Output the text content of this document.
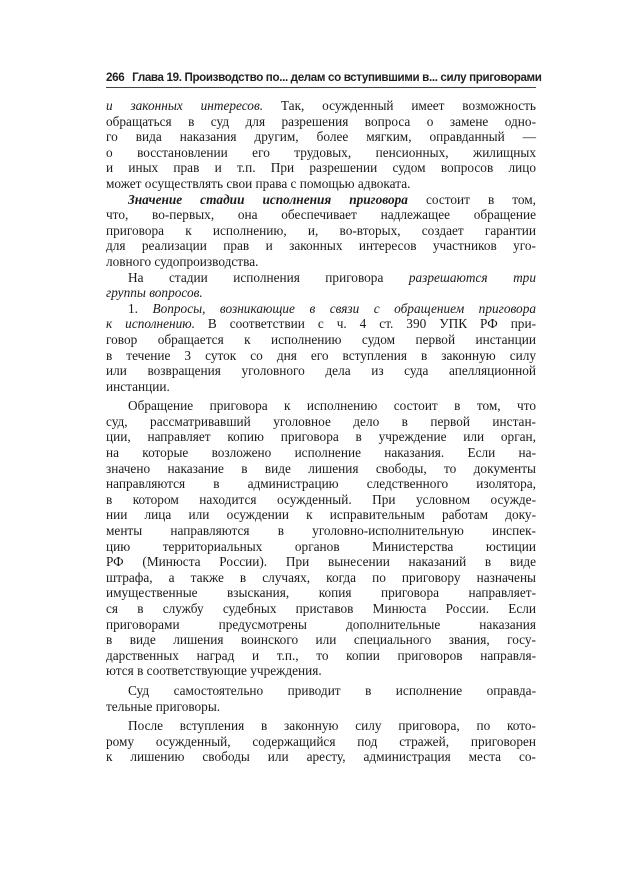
266 Глава 19. Производство по... делам со вступившими в... силу приговорами
и законных интересов. Так, осужденный имеет возможность
обращаться в суд для разрешения вопроса о замене одно-
го вида наказания другим, более мягким, оправданный —
о восстановлении его трудовых, пенсионных, жилищных
и иных прав и т.п. При разрешении судом вопросов лицо
может осуществлять свои права с помощью адвоката.
Значение стадии исполнения приговора состоит в том,
что, во-первых, она обеспечивает надлежащее обращение
приговора к исполнению, и, во-вторых, создает гарантии
для реализации прав и законных интересов участников уго-
ловного судопроизводства.
На стадии исполнения приговора разрешаются три
группы вопросов.
1. Вопросы, возникающие в связи с обращением приговора
к исполнению. В соответствии с ч. 4 ст. 390 УПК РФ при-
говор обращается к исполнению судом первой инстанции
в течение 3 суток со дня его вступления в законную силу
или возвращения уголовного дела из суда апелляционной
инстанции.
Обращение приговора к исполнению состоит в том, что
суд, рассматривавший уголовное дело в первой инстан-
ции, направляет копию приговора в учреждение или орган,
на которые возложено исполнение наказания. Если на-
значено наказание в виде лишения свободы, то документы
направляются в администрацию следственного изолятора,
в котором находится осужденный. При условном осужде-
нии лица или осуждении к исправительным работам доку-
менты направляются в уголовно-исполнительную инспек-
цию территориальных органов Министерства юстиции
РФ (Минюста России). При вынесении наказаний в виде
штрафа, а также в случаях, когда по приговору назначены
имущественные взыскания, копия приговора направляет-
ся в службу судебных приставов Минюста России. Если
приговорами предусмотрены дополнительные наказания
в виде лишения воинского или специального звания, госу-
дарственных наград и т.п., то копии приговоров направля-
ются в соответствующие учреждения.
Суд самостоятельно приводит в исполнение оправда-
тельные приговоры.
После вступления в законную силу приговора, по кото-
рому осужденный, содержащийся под стражей, приговорен
к лишению свободы или аресту, администрация места со-
